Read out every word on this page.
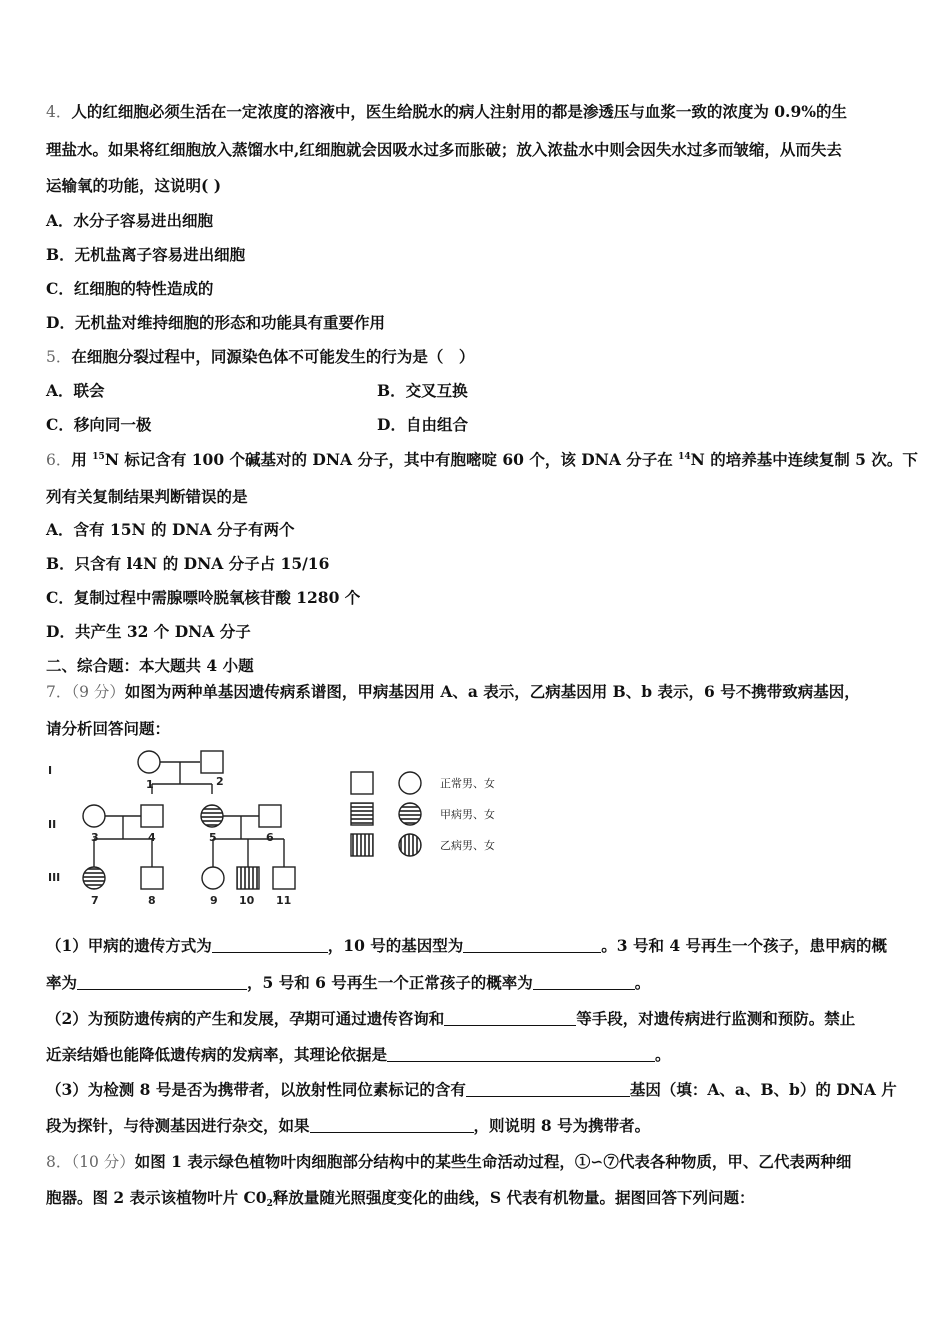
4．人的红细胞必须生活在一定浓度的溶液中，医生给脱水的病人注射用的都是渗透压与血浆一致的浓度为 0.9%的生
理盐水。如果将红细胞放入蒸馏水中,红细胞就会因吸水过多而胀破；放入浓盐水中则会因失水过多而皱缩，从而失去
运输氧的功能，这说明( )
A．水分子容易进出细胞
B．无机盐离子容易进出细胞
C．红细胞的特性造成的
D．无机盐对维持细胞的形态和功能具有重要作用
5．在细胞分裂过程中，同源染色体不可能发生的行为是（　）
A．联会	B．交叉互换
C．移向同一极	D．自由组合
6．用 $^{15}$N 标记含有 100 个碱基对的 DNA 分子，其中有胞嘧啶 60 个，该 DNA 分子在 $^{14}$N 的培养基中连续复制 5 次。下
列有关复制结果判断错误的是
A．含有 15N 的 DNA 分子有两个
B．只含有 l4N 的 DNA 分子占 15/16
C．复制过程中需腺嘌呤脱氧核苷酸 1280 个
D．共产生 32 个 DNA 分子
二、综合题：本大题共 4 小题
7．（9 分）如图为两种单基因遗传病系谱图，甲病基因用 A、a 表示，乙病基因用 B、b 表示，6 号不携带致病基因，
请分析回答问题：
I
II
III
1	2
3	4	5	6
7	8	9 10 11
正常男、女
甲病男、女
乙病男、女
（1）甲病的遗传方式为	，10 号的基因型为	。3 号和 4 号再生一个孩子，患甲病的概
率为	，5 号和 6 号再生一个正常孩子的概率为	。
（2）为预防遗传病的产生和发展，孕期可通过遗传咨询和	等手段，对遗传病进行监测和预防。禁止
近亲结婚也能降低遗传病的发病率，其理论依据是	。
（3）为检测 8 号是否为携带者，以放射性同位素标记的含有	基因（填：A、a、B、b）的 DNA 片
段为探针，与待测基因进行杂交，如果	，则说明 8 号为携带者。
8．（10 分）如图 1 表示绿色植物叶肉细胞部分结构中的某些生命活动过程，①∽⑦代表各种物质，甲、乙代表两种细
胞器。图 2 表示该植物叶片 $C0_2$释放量随光照强度变化的曲线，S 代表有机物量。据图回答下列问题：
